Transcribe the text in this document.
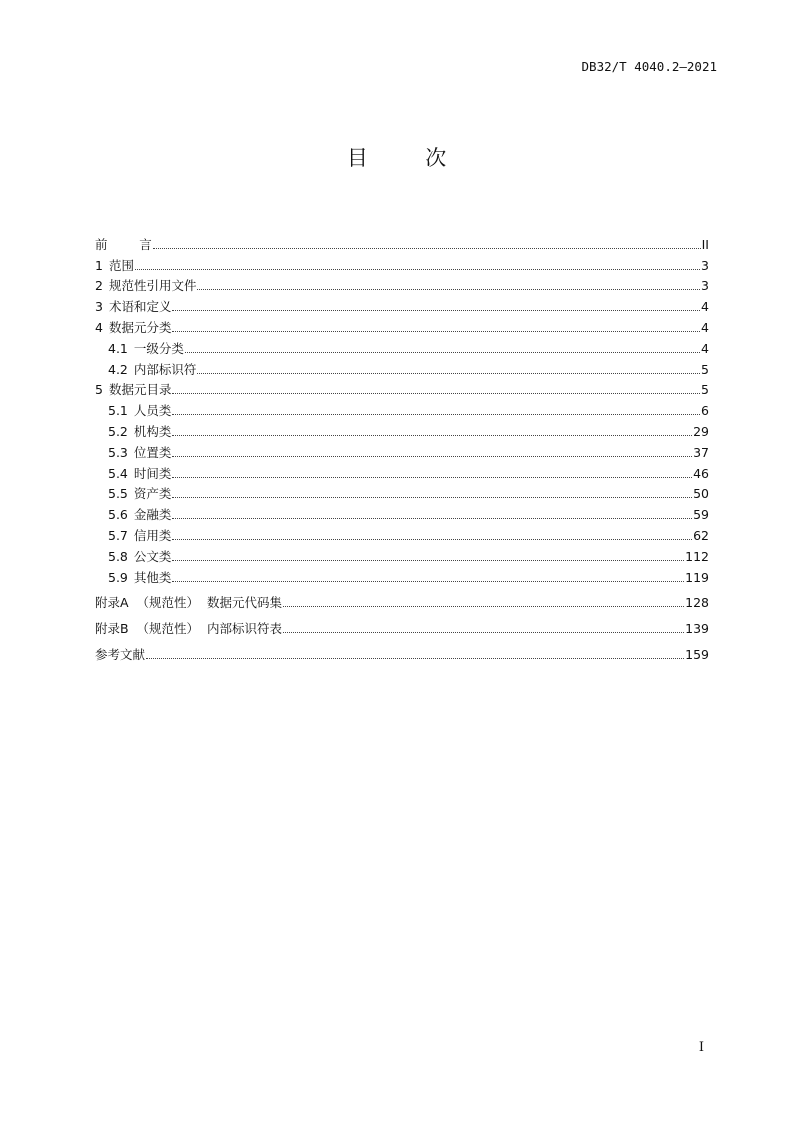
DB32/T 4040.2—2021
目	次
前        言	II
1 范围	3
2 规范性引用文件	3
3 术语和定义	4
4 数据元分类	4
4.1 一级分类	4
4.2 内部标识符	5
5 数据元目录	5
5.1 人员类	6
5.2 机构类	29
5.3 位置类	37
5.4 时间类	46
5.5 资产类	50
5.6 金融类	59
5.7 信用类	62
5.8 公文类	112
5.9 其他类	119
附录A  （规范性）  数据元代码集	128
附录B  （规范性）  内部标识符表	139
参考文献	159
I
